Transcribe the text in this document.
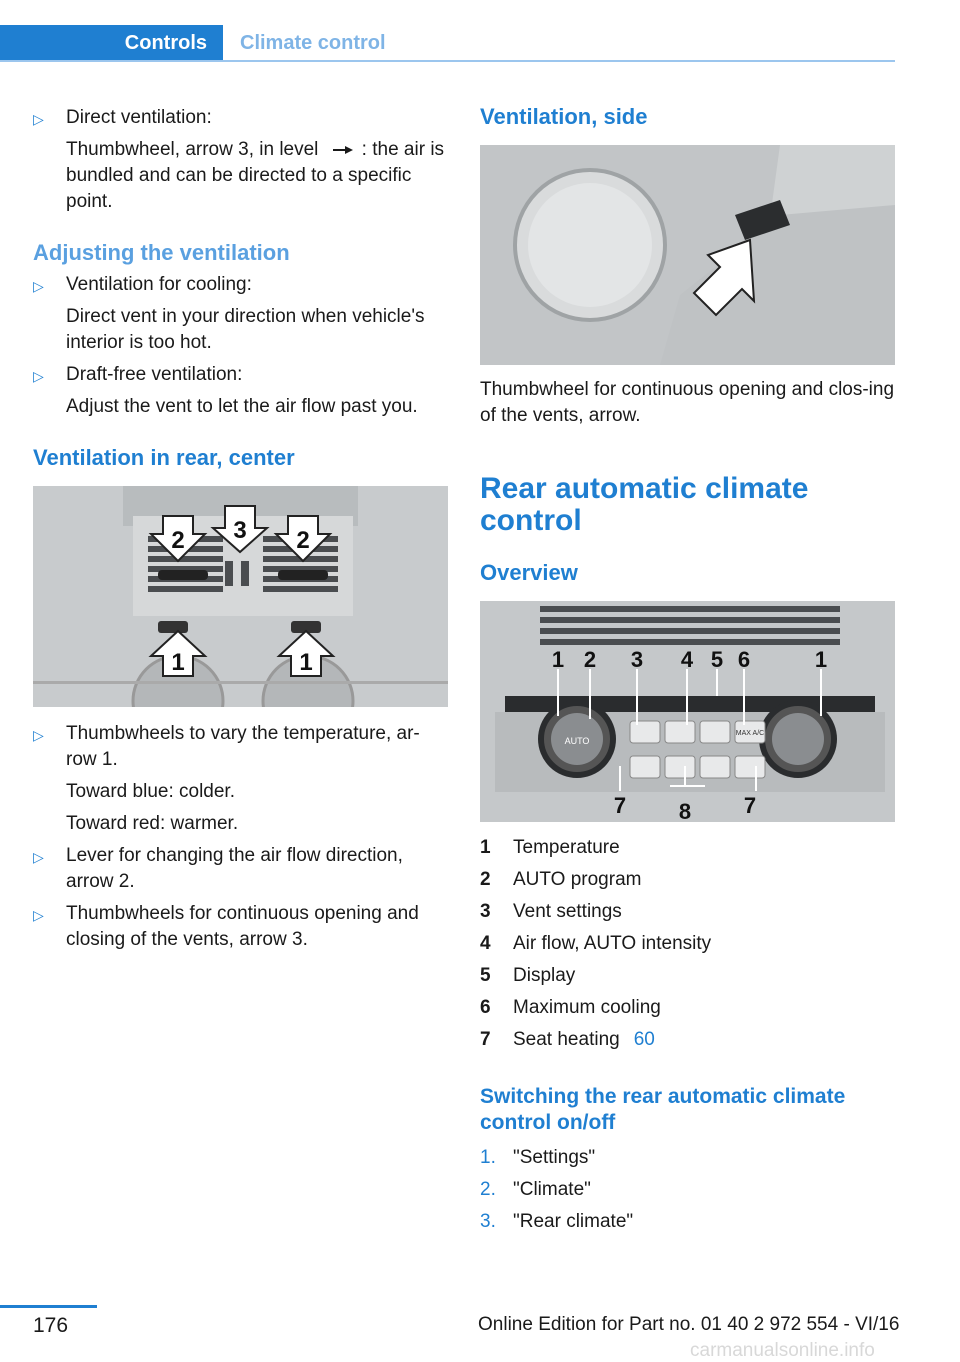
Controls	Climate control
▷ Direct ventilation:

Thumbwheel, arrow 3, in level : the air is bundled and can be directed to a specific point.

Adjusting the ventilation
▷ Ventilation for cooling:

Direct vent in your direction when vehicle's interior is too hot.

▷ Draft-free ventilation:

Adjust the vent to let the air flow past you.

Ventilation in rear, center
2 3 2
1	1
▷ Thumbwheels to vary the temperature, ar‐row 1.

Toward blue: colder.

Toward red: warmer.

▷ Lever for changing the air flow direction, arrow 2.

▷ Thumbwheels for continuous opening and closing of the vents, arrow 3.

Ventilation, side

Thumbwheel for continuous opening and clos‐ing of the vents, arrow.

Rear automatic climate control
Overview
AUTO
MAX A/C
1 2 3 4 5 6	1
7 8 7
1	Temperature
2	AUTO program
3	Vent settings
4	Air flow, AUTO intensity
5	Display
6	Maximum cooling
7	Seat heating 60
Switching the rear automatic climate control on/off
1. "Settings"
2. "Climate"
3. "Rear climate"
176	Online Edition for Part no. 01 40 2 972 554 - VI/16
carmanualsonline.info
